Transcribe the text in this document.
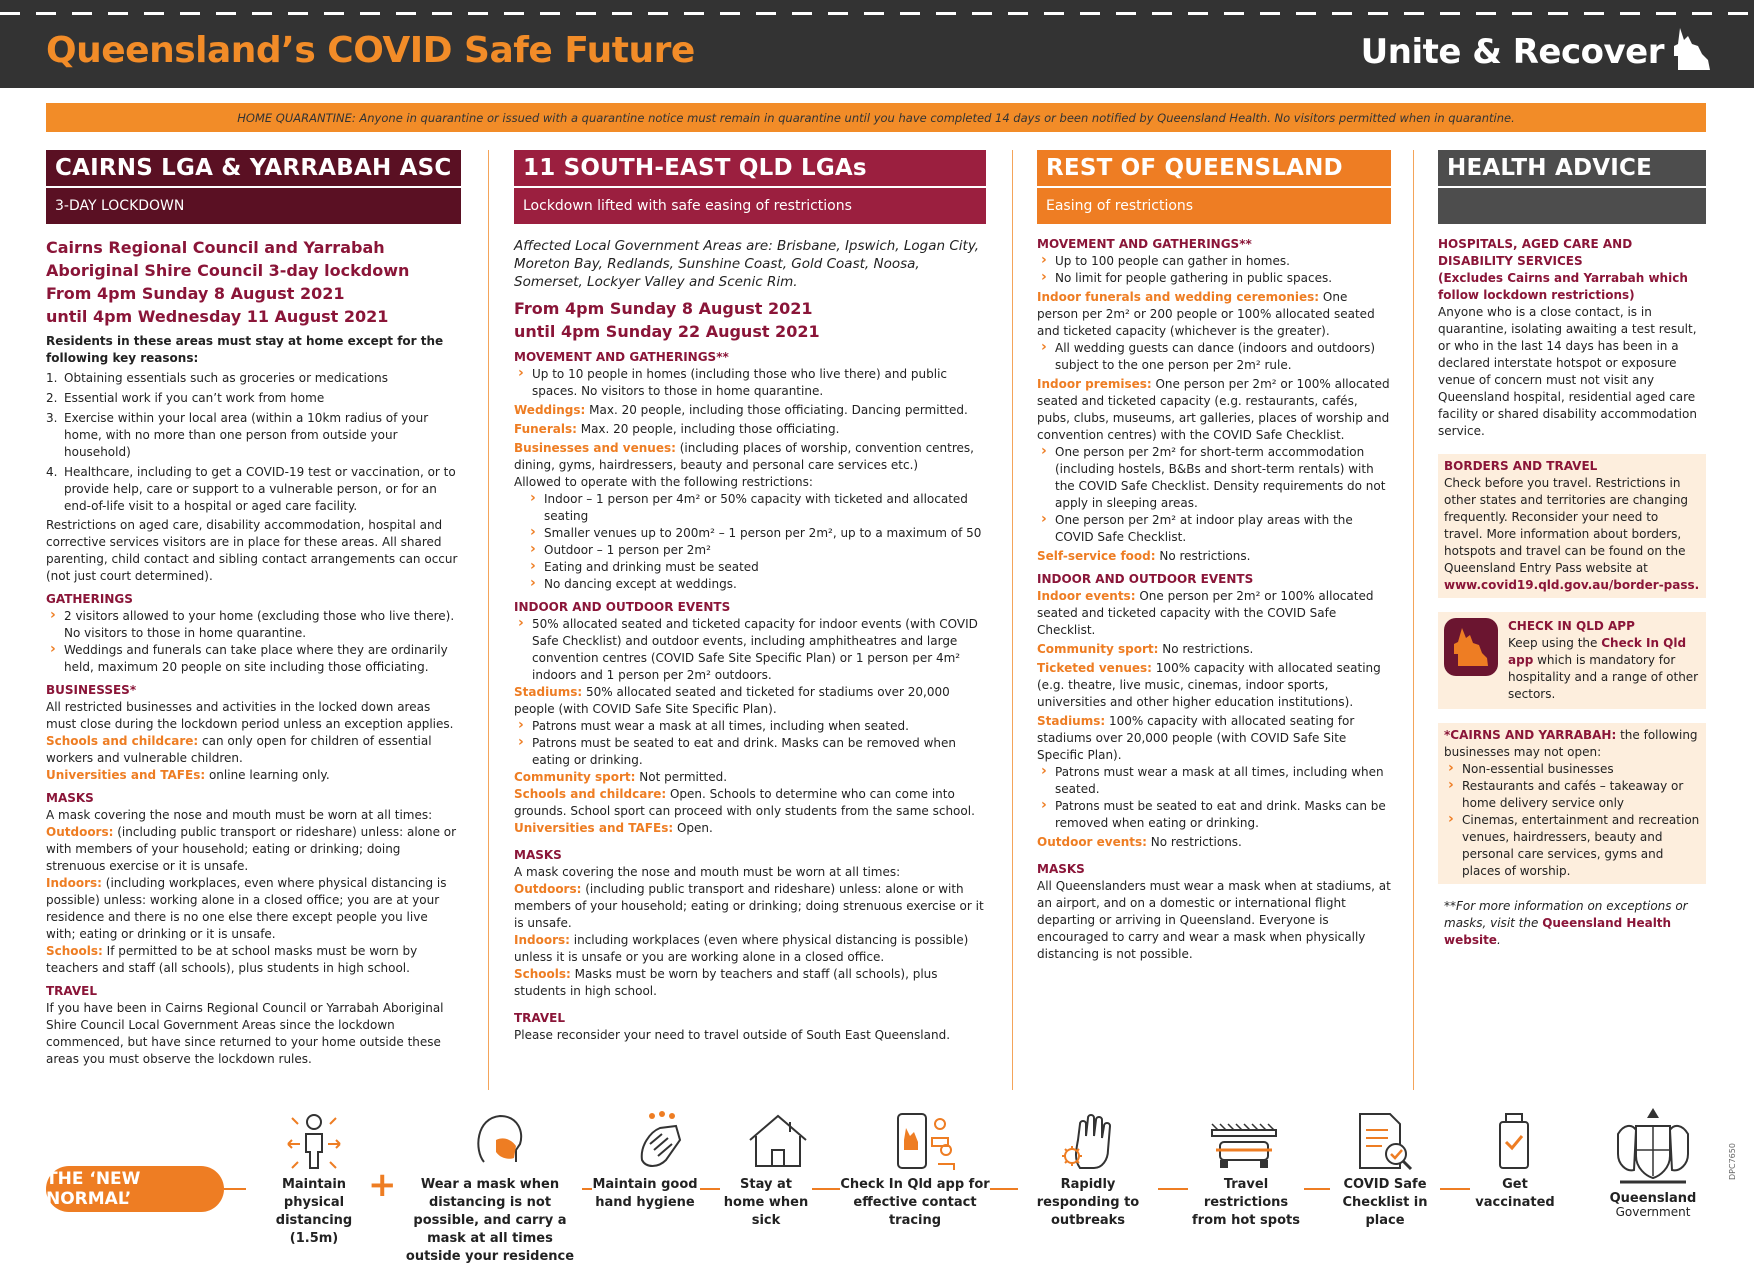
Queensland’s COVID Safe Future	Unite & Recover
HOME QUARANTINE: Anyone in quarantine or issued with a quarantine notice must remain in quarantine until you have completed 14 days or been notified by Queensland Health. No visitors permitted when in quarantine.
CAIRNS LGA & YARRABAH ASC
3-DAY LOCKDOWN
Cairns Regional Council and Yarrabah Aboriginal Shire Council 3-day lockdown
From 4pm Sunday 8 August 2021
until 4pm Wednesday 11 August 2021
Residents in these areas must stay at home except for the following key reasons:
1. Obtaining essentials such as groceries or medications
2. Essential work if you can’t work from home
3. Exercise within your local area (within a 10km radius of your home, with no more than one person from outside your household)
4. Healthcare, including to get a COVID-19 test or vaccination, or to provide help, care or support to a vulnerable person, or for an end-of-life visit to a hospital or aged care facility.
Restrictions on aged care, disability accommodation, hospital and corrective services visitors are in place for these areas. All shared parenting, child contact and sibling contact arrangements can occur (not just court determined).
GATHERINGS
› 2 visitors allowed to your home (excluding those who live there). No visitors to those in home quarantine.
› Weddings and funerals can take place where they are ordinarily held, maximum 20 people on site including those officiating.
BUSINESSES*
All restricted businesses and activities in the locked down areas must close during the lockdown period unless an exception applies.
Schools and childcare: can only open for children of essential workers and vulnerable children.
Universities and TAFEs: online learning only.
MASKS
A mask covering the nose and mouth must be worn at all times:
Outdoors: (including public transport or rideshare) unless: alone or with members of your household; eating or drinking; doing strenuous exercise or it is unsafe.
Indoors: (including workplaces, even where physical distancing is possible) unless: working alone in a closed office; you are at your residence and there is no one else there except people you live with; eating or drinking or it is unsafe.
Schools: If permitted to be at school masks must be worn by teachers and staff (all schools), plus students in high school.
TRAVEL
If you have been in Cairns Regional Council or Yarrabah Aboriginal Shire Council Local Government Areas since the lockdown commenced, but have since returned to your home outside these areas you must observe the lockdown rules.
11 SOUTH-EAST QLD LGAs
Lockdown lifted with safe easing of restrictions
Affected Local Government Areas are: Brisbane, Ipswich, Logan City, Moreton Bay, Redlands, Sunshine Coast, Gold Coast, Noosa, Somerset, Lockyer Valley and Scenic Rim.
From 4pm Sunday 8 August 2021
until 4pm Sunday 22 August 2021
MOVEMENT AND GATHERINGS**
› Up to 10 people in homes (including those who live there) and public spaces. No visitors to those in home quarantine.
Weddings: Max. 20 people, including those officiating. Dancing permitted.
Funerals: Max. 20 people, including those officiating.
Businesses and venues: (including places of worship, convention centres, dining, gyms, hairdressers, beauty and personal care services etc.)
Allowed to operate with the following restrictions:
› Indoor – 1 person per 4m² or 50% capacity with ticketed and allocated seating
› Smaller venues up to 200m² – 1 person per 2m², up to a maximum of 50
› Outdoor – 1 person per 2m²
› Eating and drinking must be seated
› No dancing except at weddings.
INDOOR AND OUTDOOR EVENTS
› 50% allocated seated and ticketed capacity for indoor events (with COVID Safe Checklist) and outdoor events, including amphitheatres and large convention centres (COVID Safe Site Specific Plan) or 1 person per 4m² indoors and 1 person per 2m² outdoors.
Stadiums: 50% allocated seated and ticketed for stadiums over 20,000 people (with COVID Safe Site Specific Plan).
› Patrons must wear a mask at all times, including when seated.
› Patrons must be seated to eat and drink. Masks can be removed when eating or drinking.
Community sport: Not permitted.
Schools and childcare: Open. Schools to determine who can come into grounds. School sport can proceed with only students from the same school.
Universities and TAFEs: Open.
MASKS
A mask covering the nose and mouth must be worn at all times:
Outdoors: (including public transport and rideshare) unless: alone or with members of your household; eating or drinking; doing strenuous exercise or it is unsafe.
Indoors: including workplaces (even where physical distancing is possible) unless it is unsafe or you are working alone in a closed office.
Schools: Masks must be worn by teachers and staff (all schools), plus students in high school.
TRAVEL
Please reconsider your need to travel outside of South East Queensland.
REST OF QUEENSLAND
Easing of restrictions
MOVEMENT AND GATHERINGS**
› Up to 100 people can gather in homes.
› No limit for people gathering in public spaces.
Indoor funerals and wedding ceremonies: One person per 2m² or 200 people or 100% allocated seated and ticketed capacity (whichever is the greater).
› All wedding guests can dance (indoors and outdoors) subject to the one person per 2m² rule.
Indoor premises: One person per 2m² or 100% allocated seated and ticketed capacity (e.g. restaurants, cafés, pubs, clubs, museums, art galleries, places of worship and convention centres) with the COVID Safe Checklist.
› One person per 2m² for short-term accommodation (including hostels, B&Bs and short-term rentals) with the COVID Safe Checklist. Density requirements do not apply in sleeping areas.
› One person per 2m² at indoor play areas with the COVID Safe Checklist.
Self-service food: No restrictions.
INDOOR AND OUTDOOR EVENTS
Indoor events: One person per 2m² or 100% allocated seated and ticketed capacity with the COVID Safe Checklist.
Community sport: No restrictions.
Ticketed venues: 100% capacity with allocated seating (e.g. theatre, live music, cinemas, indoor sports, universities and other higher education institutions).
Stadiums: 100% capacity with allocated seating for stadiums over 20,000 people (with COVID Safe Site Specific Plan).
› Patrons must wear a mask at all times, including when seated.
› Patrons must be seated to eat and drink. Masks can be removed when eating or drinking.
Outdoor events: No restrictions.
MASKS
All Queenslanders must wear a mask when at stadiums, at an airport, and on a domestic or international flight departing or arriving in Queensland. Everyone is encouraged to carry and wear a mask when physically distancing is not possible.
HEALTH ADVICE
HOSPITALS, AGED CARE AND DISABILITY SERVICES
(Excludes Cairns and Yarrabah which follow lockdown restrictions)
Anyone who is a close contact, is in quarantine, isolating awaiting a test result, or who in the last 14 days has been in a declared interstate hotspot or exposure venue of concern must not visit any Queensland hospital, residential aged care facility or shared disability accommodation service.
BORDERS AND TRAVEL
Check before you travel. Restrictions in other states and territories are changing frequently. Reconsider your need to travel. More information about borders, hotspots and travel can be found on the Queensland Entry Pass website at
www.covid19.qld.gov.au/border-pass.
CHECK IN QLD APP
Keep using the Check In Qld app which is mandatory for hospitality and a range of other sectors.
*CAIRNS AND YARRABAH: the following businesses may not open:
› Non-essential businesses
› Restaurants and cafés – takeaway or home delivery service only
› Cinemas, entertainment and recreation venues, hairdressers, beauty and personal care services, gyms and places of worship.
**For more information on exceptions or masks, visit the Queensland Health website.
THE ‘NEW NORMAL’	+
Maintain physical distancing (1.5m)
Wear a mask when distancing is not possible, and carry a mask at all times outside your residence
Maintain good hand hygiene
Stay at home when sick
Check In Qld app for effective contact tracing
Rapidly responding to outbreaks
Travel restrictions from hot spots
COVID Safe Checklist in place
Get vaccinated	Queensland
Government
DPC7650
